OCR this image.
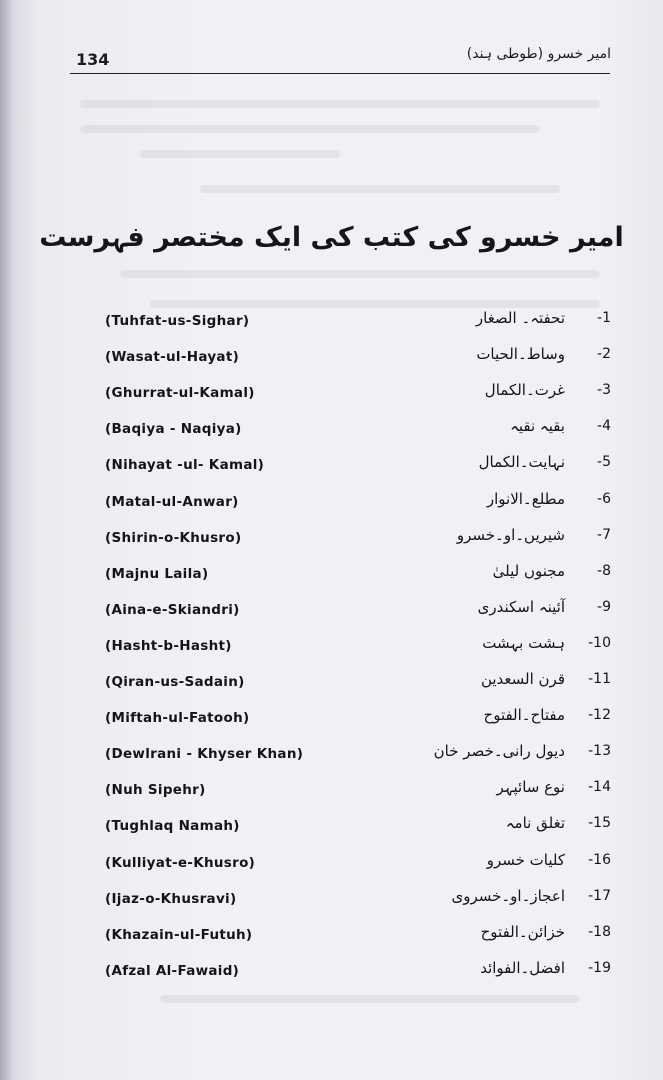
134	امیر خسرو (طوطی ہند)
امیر خسرو کی کتب کی ایک مختصر فہرست
(Tuhfat-us-Sighar)	تحفتہ۔ الصغار -1
(Wasat-ul-Hayat)	وساط۔الحیات -2
(Ghurrat-ul-Kamal)	غرت۔الکمال -3
(Baqiya - Naqiya)	بقیہ نقیہ -4
(Nihayat -ul- Kamal)	نہایت۔الکمال -5
(Matal-ul-Anwar)	مطلع۔الانوار -6
(Shirin-o-Khusro)	شیریں۔او۔خسرو -7
(Majnu Laila)	مجنوں لیلیٰ -8
(Aina-e-Skiandri)	آئینہ اسکندری -9
(Hasht-b-Hasht)	ہشت بہشت -10
(Qiran-us-Sadain)	قرن السعدین -11
(Miftah-ul-Fatooh)	مفتاح۔الفتوح -12
(Dewlrani - Khyser Khan)	دیول رانی۔خصر خان -13
(Nuh Sipehr)	نوع سائپہر -14
(Tughlaq Namah)	تغلق نامہ -15
(Kulliyat-e-Khusro)	کلیات خسرو -16
(Ijaz-o-Khusravi)	اعجاز۔او۔خسروی -17
(Khazain-ul-Futuh)	خزائن۔الفتوح -18
(Afzal Al-Fawaid)	افضل۔الفوائد -19
